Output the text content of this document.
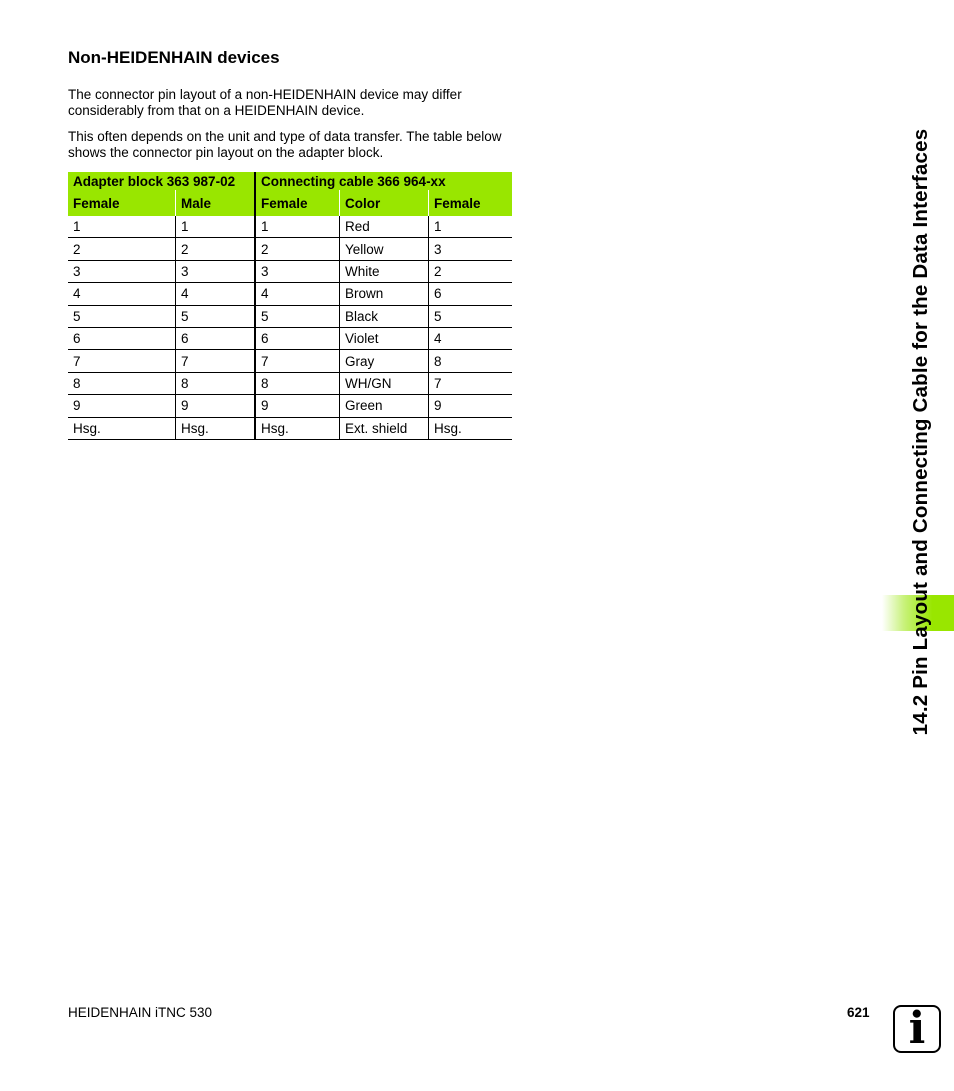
Non-HEIDENHAIN devices

The connector pin layout of a non-HEIDENHAIN device may differ considerably from that on a HEIDENHAIN device.

This often depends on the unit and type of data transfer. The table below shows the connector pin layout on the adapter block.

Adapter block 363 987-02		Connecting cable 366 964-xx		
Female	Male	Female	Color	Female
1	1	1	Red	1
2	2	2	Yellow	3
3	3	3	White	2
4	4	4	Brown	6
5	5	5	Black	5
6	6	6	Violet	4
7	7	7	Gray	8
8	8	8	WH/GN	7
9	9	9	Green	9
Hsg.	Hsg.	Hsg.	Ext. shield	Hsg.	14.2 Pin Layout and Connecting Cable for the Data Interfaces
HEIDENHAIN iTNC 530	621 i
